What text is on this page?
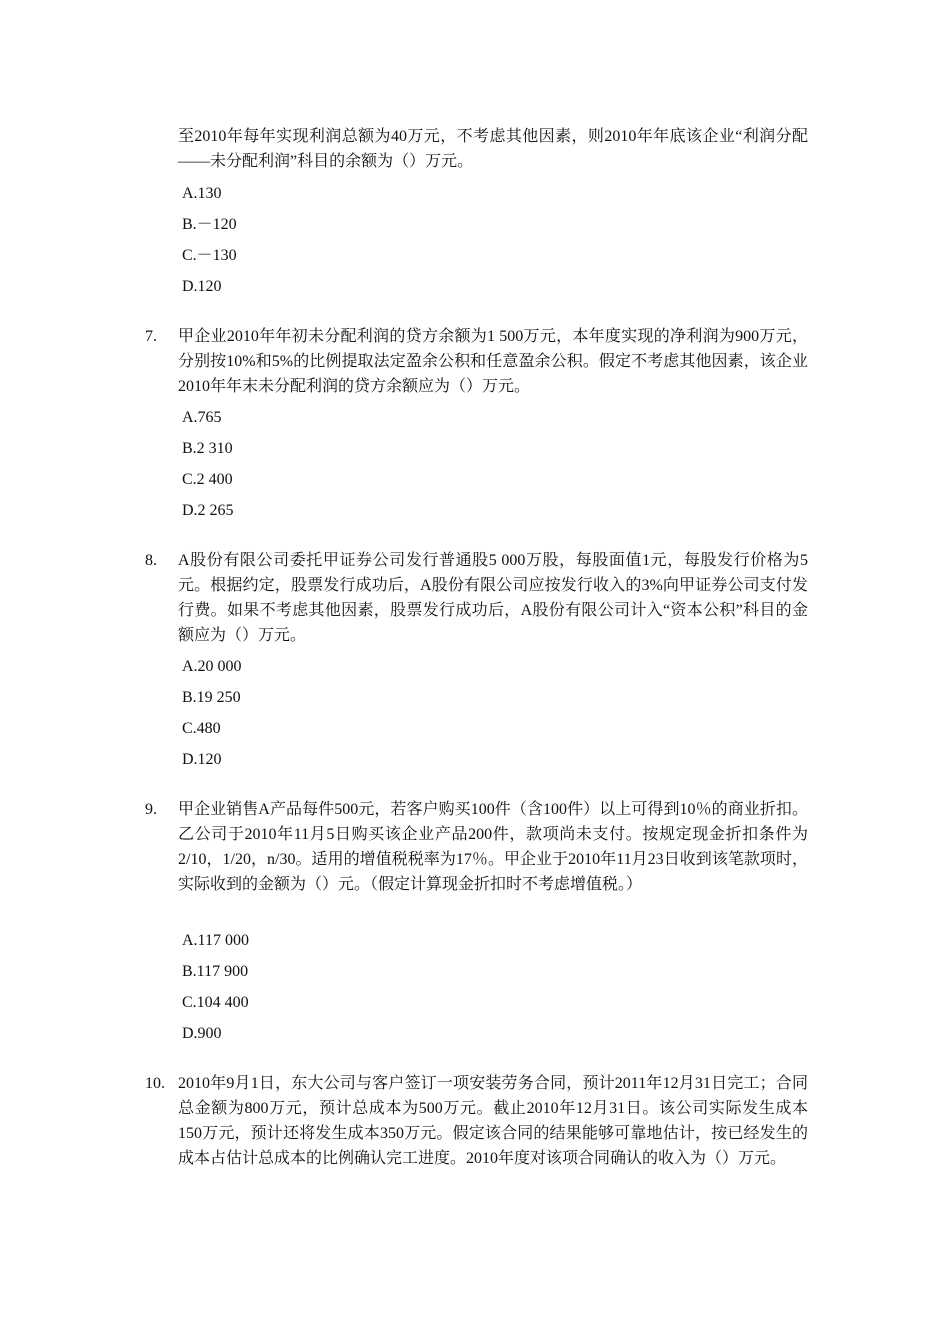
至2010年每年实现利润总额为40万元，不考虑其他因素，则2010年年底该企业“利润分配——未分配利润”科目的余额为（）万元。
A.130
B.－120
C.－130
D.120
7. 甲企业2010年年初未分配利润的贷方余额为1 500万元，本年度实现的净利润为900万元，分别按10%和5%的比例提取法定盈余公积和任意盈余公积。假定不考虑其他因素，该企业 2010年年末未分配利润的贷方余额应为（）万元。
A.765
B.2 310
C.2 400
D.2 265
8. A股份有限公司委托甲证券公司发行普通股5 000万股，每股面值1元，每股发行价格为5元。根据约定，股票发行成功后，A股份有限公司应按发行收入的3%向甲证券公司支付发行费。如果不考虑其他因素，股票发行成功后，A股份有限公司计入“资本公积”科目的金额应为（）万元。
A.20 000
B.19 250
C.480
D.120
9. 甲企业销售A产品每件500元，若客户购买100件（含100件）以上可得到10％的商业折扣。乙公司于2010年11月5日购买该企业产品200件，款项尚未支付。按规定现金折扣条件为2/10，1/20，n/30。适用的增值税税率为17％。甲企业于2010年11月23日收到该笔款项时，实际收到的金额为（）元。（假定计算现金折扣时不考虑增值税。）
A.117 000
B.117 900
C.104 400
D.900
10. 2010年9月1日，东大公司与客户签订一项安装劳务合同，预计2011年12月31日完工；合同总金额为800万元，预计总成本为500万元。截止2010年12月31日。该公司实际发生成本150万元，预计还将发生成本350万元。假定该合同的结果能够可靠地估计，按已经发生的成本占估计总成本的比例确认完工进度。2010年度对该项合同确认的收入为（）万元。
